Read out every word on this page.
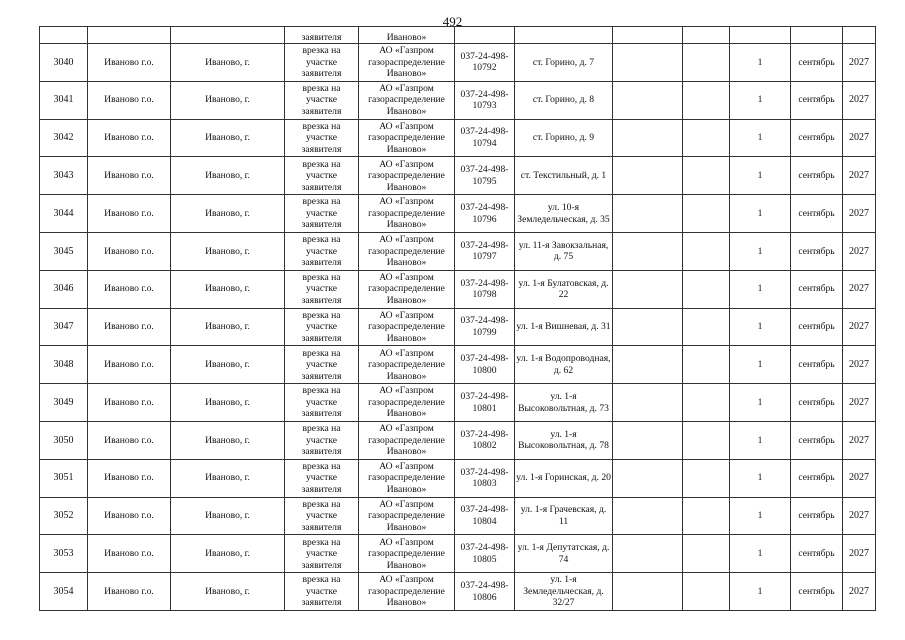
492
			заявителя	Иваново»							
3040	Иваново г.о.	Иваново, г.	врезка на участке заявителя	АО «Газпром газораспределение Иваново»	037-24-498-10792	ст. Горино, д. 7			1	сентябрь	2027
3041	Иваново г.о.	Иваново, г.	врезка на участке заявителя	АО «Газпром газораспределение Иваново»	037-24-498-10793	ст. Горино, д. 8			1	сентябрь	2027
3042	Иваново г.о.	Иваново, г.	врезка на участке заявителя	АО «Газпром газораспределение Иваново»	037-24-498-10794	ст. Горино, д. 9			1	сентябрь	2027
3043	Иваново г.о.	Иваново, г.	врезка на участке заявителя	АО «Газпром газораспределение Иваново»	037-24-498-10795	ст. Текстильный, д. 1			1	сентябрь	2027
3044	Иваново г.о.	Иваново, г.	врезка на участке заявителя	АО «Газпром газораспределение Иваново»	037-24-498-10796	ул. 10-я Земледельческая, д. 35			1	сентябрь	2027
3045	Иваново г.о.	Иваново, г.	врезка на участке заявителя	АО «Газпром газораспределение Иваново»	037-24-498-10797	ул. 11-я Завокзальная, д. 75			1	сентябрь	2027
3046	Иваново г.о.	Иваново, г.	врезка на участке заявителя	АО «Газпром газораспределение Иваново»	037-24-498-10798	ул. 1-я Булатовская, д. 22			1	сентябрь	2027
3047	Иваново г.о.	Иваново, г.	врезка на участке заявителя	АО «Газпром газораспределение Иваново»	037-24-498-10799	ул. 1-я Вишневая, д. 31			1	сентябрь	2027
3048	Иваново г.о.	Иваново, г.	врезка на участке заявителя	АО «Газпром газораспределение Иваново»	037-24-498-10800	ул. 1-я Водопроводная, д. 62			1	сентябрь	2027
3049	Иваново г.о.	Иваново, г.	врезка на участке заявителя	АО «Газпром газораспределение Иваново»	037-24-498-10801	ул. 1-я Высоковольтная, д. 73			1	сентябрь	2027
3050	Иваново г.о.	Иваново, г.	врезка на участке заявителя	АО «Газпром газораспределение Иваново»	037-24-498-10802	ул. 1-я Высоковольтная, д. 78			1	сентябрь	2027
3051	Иваново г.о.	Иваново, г.	врезка на участке заявителя	АО «Газпром газораспределение Иваново»	037-24-498-10803	ул. 1-я Горинская, д. 20			1	сентябрь	2027
3052	Иваново г.о.	Иваново, г.	врезка на участке заявителя	АО «Газпром газораспределение Иваново»	037-24-498-10804	ул. 1-я Грачевская, д. 11			1	сентябрь	2027
3053	Иваново г.о.	Иваново, г.	врезка на участке заявителя	АО «Газпром газораспределение Иваново»	037-24-498-10805	ул. 1-я Депутатская, д. 74			1	сентябрь	2027
3054	Иваново г.о.	Иваново, г.	врезка на участке заявителя	АО «Газпром газораспределение Иваново»	037-24-498-10806	ул. 1-я Земледельческая, д. 32/27			1	сентябрь	2027
